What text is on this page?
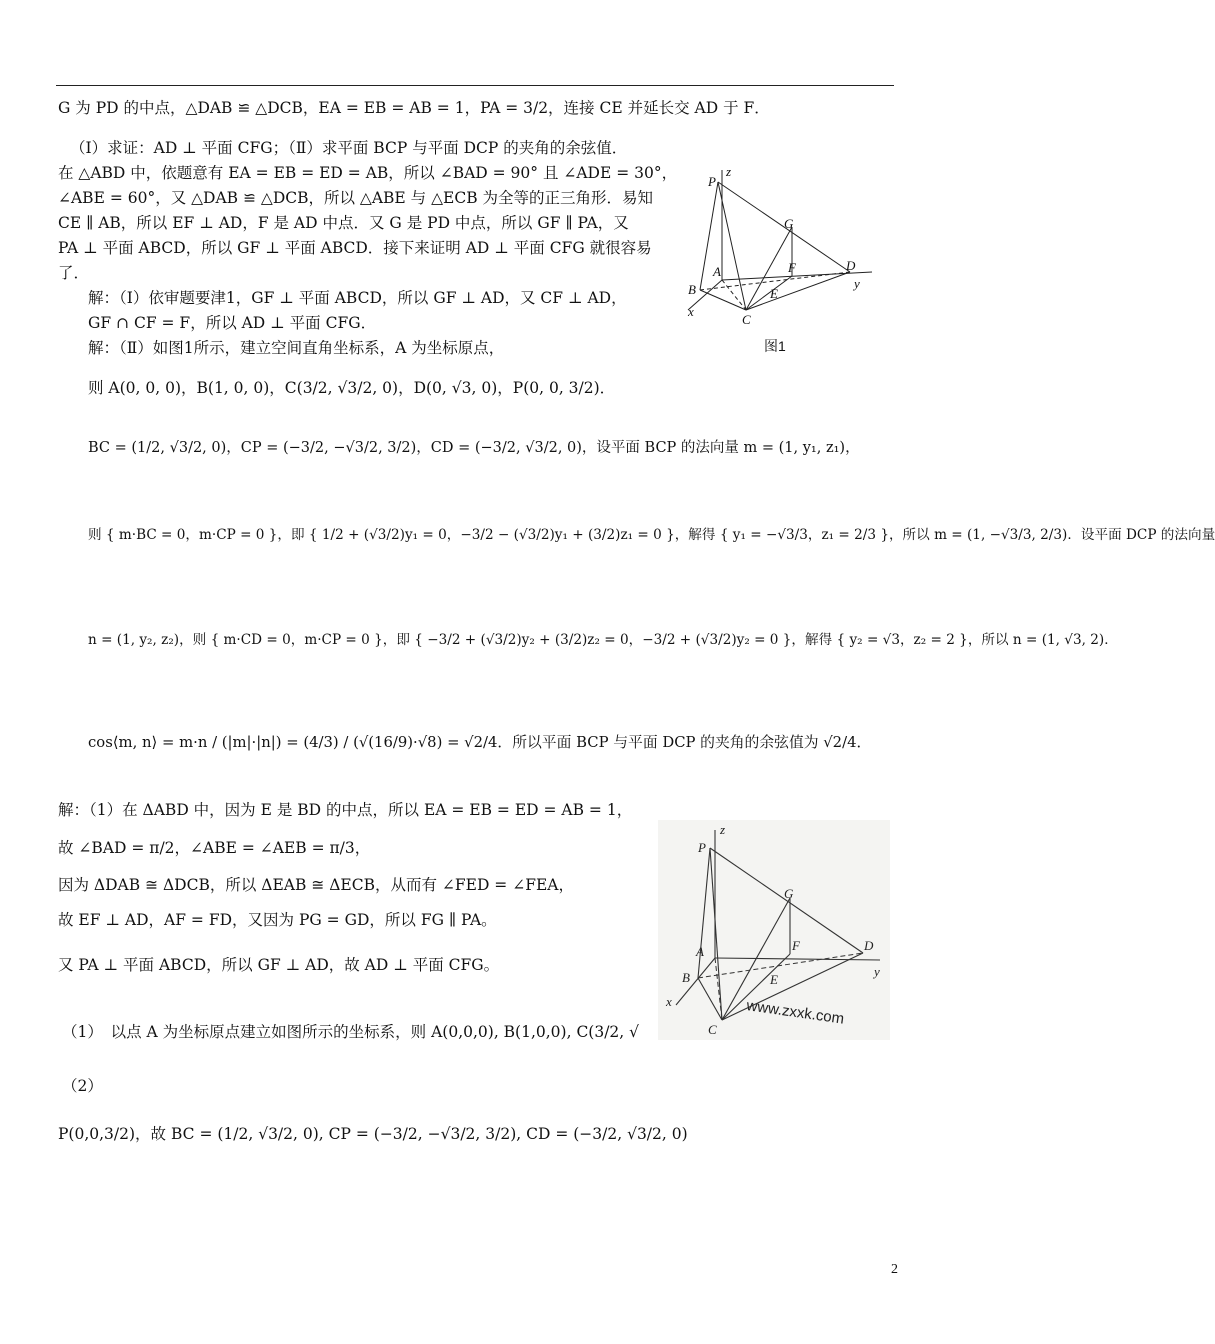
G 为 PD 的中点，△DAB ≌ △DCB，EA = EB = AB = 1，PA = 3/2，连接 CE 并延长交 AD 于 F．
（Ⅰ）求证：AD ⊥ 平面 CFG；（Ⅱ）求平面 BCP 与平面 DCP 的夹角的余弦值．
在 △ABD 中，依题意有 EA = EB = ED = AB，所以 ∠BAD = 90° 且 ∠ADE = 30°，
∠ABE = 60°，又 △DAB ≌ △DCB，所以 △ABE 与 △ECB 为全等的正三角形．易知
CE ∥ AB，所以 EF ⊥ AD，F 是 AD 中点．又 G 是 PD 中点，所以 GF ∥ PA，又
PA ⊥ 平面 ABCD，所以 GF ⊥ 平面 ABCD．接下来证明 AD ⊥ 平面 CFG 就很容易
了．
解：（Ⅰ）依审题要津1，GF ⊥ 平面 ABCD，所以 GF ⊥ AD，又 CF ⊥ AD，
GF ∩ CF = F，所以 AD ⊥ 平面 CFG．
解：（Ⅱ）如图1所示，建立空间直角坐标系，A 为坐标原点，
则 A(0, 0, 0)，B(1, 0, 0)，C(3/2, √3/2, 0)，D(0, √3, 0)，P(0, 0, 3/2)．
BC = (1/2, √3/2, 0)，CP = (−3/2, −√3/2, 3/2)，CD = (−3/2, √3/2, 0)，设平面 BCP 的法向量 m = (1, y₁, z₁)，
则 { m·BC = 0，m·CP = 0 }，即 { 1/2 + (√3/2)y₁ = 0，−3/2 − (√3/2)y₁ + (3/2)z₁ = 0 }，解得 { y₁ = −√3/3，z₁ = 2/3 }，所以 m = (1, −√3/3, 2/3)．设平面 DCP 的法向量
n = (1, y₂, z₂)，则 { m·CD = 0，m·CP = 0 }，即 { −3/2 + (√3/2)y₂ + (3/2)z₂ = 0，−3/2 + (√3/2)y₂ = 0 }，解得 { y₂ = √3，z₂ = 2 }，所以 n = (1, √3, 2)．
cos⟨m, n⟩ = m·n / (|m|·|n|) = (4/3) / (√(16/9)·√8) = √2/4．所以平面 BCP 与平面 DCP 的夹角的余弦值为 √2/4．
解：（1）在 ΔABD 中，因为 E 是 BD 的中点，所以 EA = EB = ED = AB = 1，
故 ∠BAD = π/2，∠ABE = ∠AEB = π/3，
因为 ΔDAB ≅ ΔDCB，所以 ΔEAB ≅ ΔECB，从而有 ∠FED = ∠FEA，
故 EF ⊥ AD，AF = FD，又因为 PG = GD，所以 FG ∥ PA。
又 PA ⊥ 平面 ABCD，所以 GF ⊥ AD，故 AD ⊥ 平面 CFG。
（1）　以点 A 为坐标原点建立如图所示的坐标系，则 A(0,0,0), B(1,0,0), C(3/2, √
（2）
P(0,0,3/2)，故 BC = (1/2, √3/2, 0), CP = (−3/2, −√3/2, 3/2), CD = (−3/2, √3/2, 0)
P
z
G
A	F	D
y
B	E
x
C
图1
z
P
G
A	F	D
y
B	E
x
C
www.zxxk.com
2
